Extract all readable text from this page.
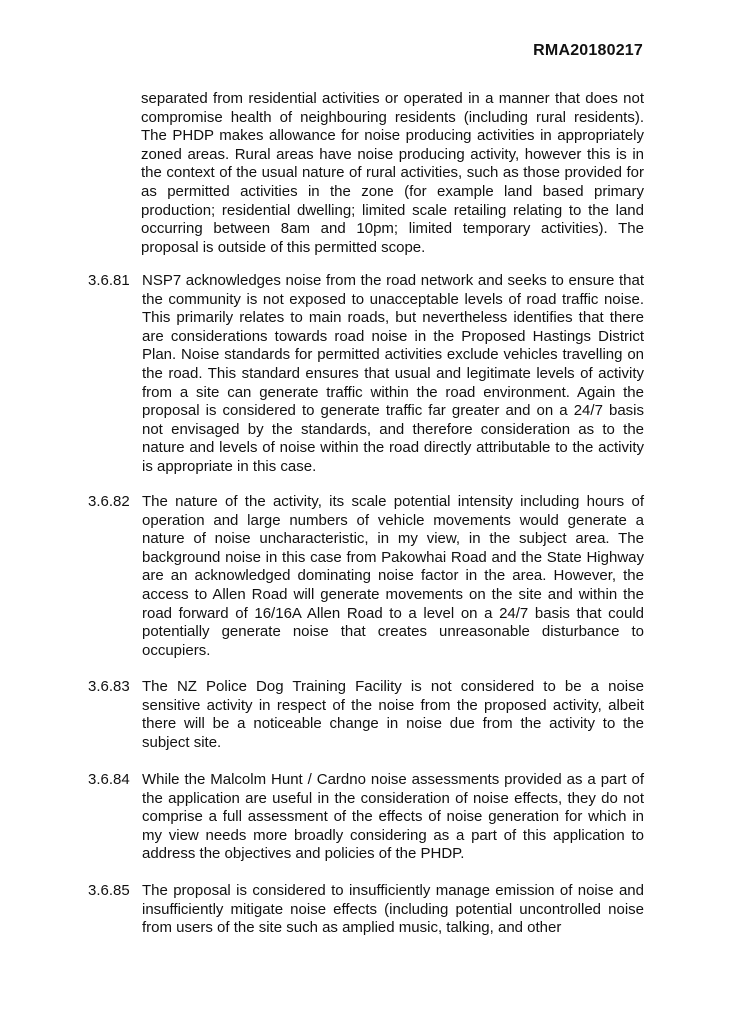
RMA20180217
separated from residential activities or operated in a manner that does not compromise health of neighbouring residents (including rural residents). The PHDP makes allowance for noise producing activities in appropriately zoned areas. Rural areas have noise producing activity, however this is in the context of the usual nature of rural activities, such as those provided for as permitted activities in the zone (for example land based primary production; residential dwelling; limited scale retailing relating to the land occurring between 8am and 10pm; limited temporary activities). The proposal is outside of this permitted scope.
3.6.81 NSP7 acknowledges noise from the road network and seeks to ensure that the community is not exposed to unacceptable levels of road traffic noise. This primarily relates to main roads, but nevertheless identifies that there are considerations towards road noise in the Proposed Hastings District Plan. Noise standards for permitted activities exclude vehicles travelling on the road. This standard ensures that usual and legitimate levels of activity from a site can generate traffic within the road environment. Again the proposal is considered to generate traffic far greater and on a 24/7 basis not envisaged by the standards, and therefore consideration as to the nature and levels of noise within the road directly attributable to the activity is appropriate in this case.
3.6.82 The nature of the activity, its scale potential intensity including hours of operation and large numbers of vehicle movements would generate a nature of noise uncharacteristic, in my view, in the subject area. The background noise in this case from Pakowhai Road and the State Highway are an acknowledged dominating noise factor in the area. However, the access to Allen Road will generate movements on the site and within the road forward of 16/16A Allen Road to a level on a 24/7 basis that could potentially generate noise that creates unreasonable disturbance to occupiers.
3.6.83 The NZ Police Dog Training Facility is not considered to be a noise sensitive activity in respect of the noise from the proposed activity, albeit there will be a noticeable change in noise due from the activity to the subject site.
3.6.84 While the Malcolm Hunt / Cardno noise assessments provided as a part of the application are useful in the consideration of noise effects, they do not comprise a full assessment of the effects of noise generation for which in my view needs more broadly considering as a part of this application to address the objectives and policies of the PHDP.
3.6.85 The proposal is considered to insufficiently manage emission of noise and insufficiently mitigate noise effects (including potential uncontrolled noise from users of the site such as amplied music, talking, and other
